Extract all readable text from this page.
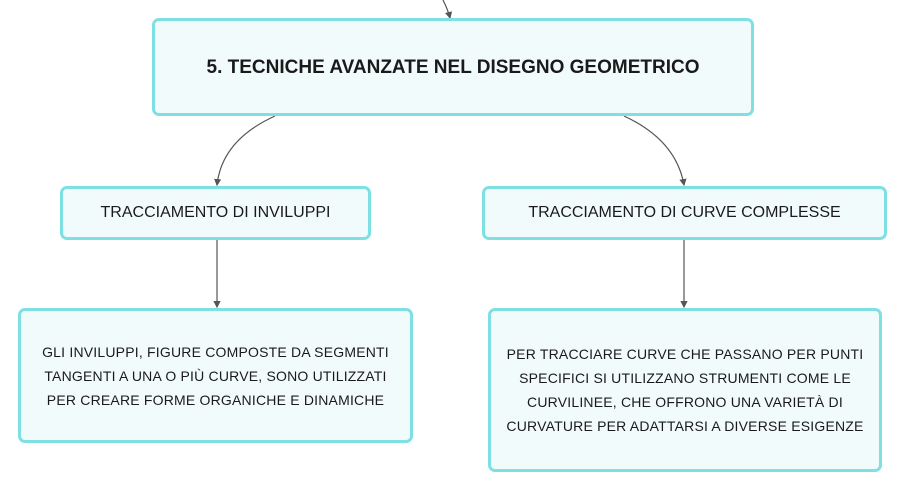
5. TECNICHE AVANZATE NEL DISEGNO GEOMETRICO
TRACCIAMENTO DI INVILUPPI	TRACCIAMENTO DI CURVE COMPLESSE
GLI INVILUPPI, FIGURE COMPOSTE DA SEGMENTI TANGENTI A UNA O PIÙ CURVE, SONO UTILIZZATI PER CREARE FORME ORGANICHE E DINAMICHE
PER TRACCIARE CURVE CHE PASSANO PER PUNTI SPECIFICI SI UTILIZZANO STRUMENTI COME LE CURVILINEE, CHE OFFRONO UNA VARIETÀ DI CURVATURE PER ADATTARSI A DIVERSE ESIGENZE
